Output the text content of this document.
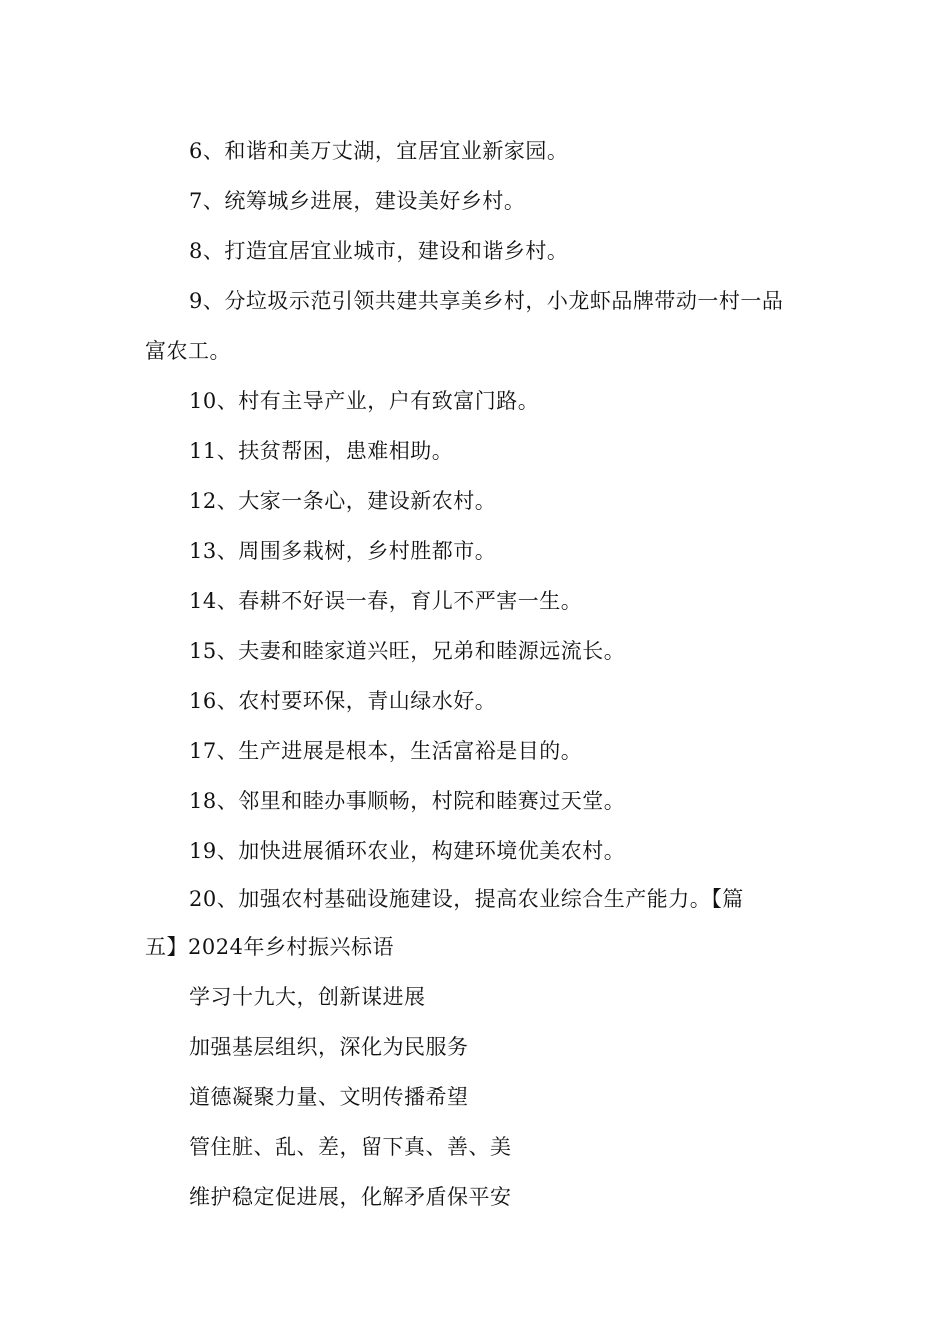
6、和谐和美万丈湖，宜居宜业新家园。
7、统筹城乡进展，建设美好乡村。
8、打造宜居宜业城市，建设和谐乡村。
9、分垃圾示范引领共建共享美乡村，小龙虾品牌带动一村一品
富农工。
10、村有主导产业，户有致富门路。
11、扶贫帮困，患难相助。
12、大家一条心，建设新农村。
13、周围多栽树，乡村胜都市。
14、春耕不好误一春，育儿不严害一生。
15、夫妻和睦家道兴旺，兄弟和睦源远流长。
16、农村要环保，青山绿水好。
17、生产进展是根本，生活富裕是目的。
18、邻里和睦办事顺畅，村院和睦赛过天堂。
19、加快进展循环农业，构建环境优美农村。
20、加强农村基础设施建设，提高农业综合生产能力。【篇
五】2024年乡村振兴标语
学习十九大，创新谋进展
加强基层组织，深化为民服务
道德凝聚力量、文明传播希望
管住脏、乱、差，留下真、善、美
维护稳定促进展，化解矛盾保平安
